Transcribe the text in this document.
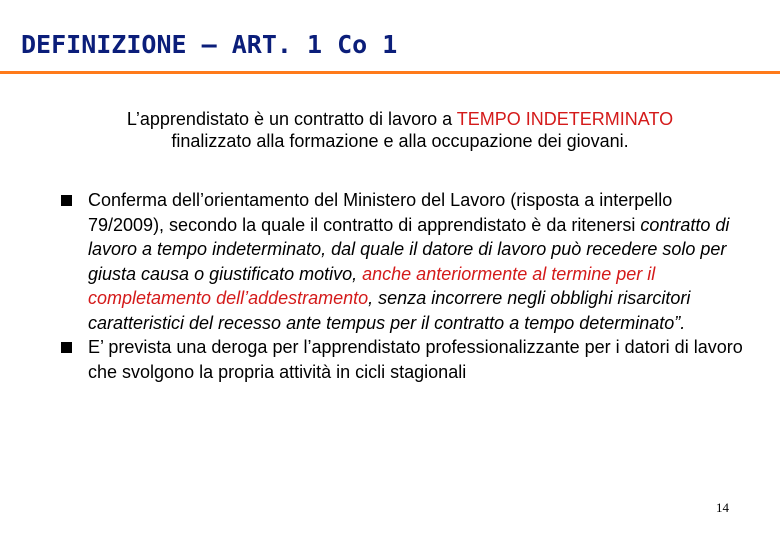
DEFINIZIONE – ART. 1 Co 1
L’apprendistato è un contratto di lavoro a TEMPO INDETERMINATO
finalizzato alla formazione e alla occupazione dei giovani.
Conferma dell’orientamento del Ministero del Lavoro (risposta a interpello 79/2009), secondo la quale il contratto di apprendistato è da ritenersi contratto di lavoro a tempo indeterminato, dal quale il datore di lavoro può recedere solo per giusta causa o giustificato motivo, anche anteriormente al termine per il completamento dell’addestramento, senza incorrere negli obblighi risarcitori caratteristici del recesso ante tempus per il contratto a tempo determinato”.
E’ prevista una deroga per l’apprendistato professionalizzante per i datori di lavoro che svolgono la propria attività in cicli stagionali
14
